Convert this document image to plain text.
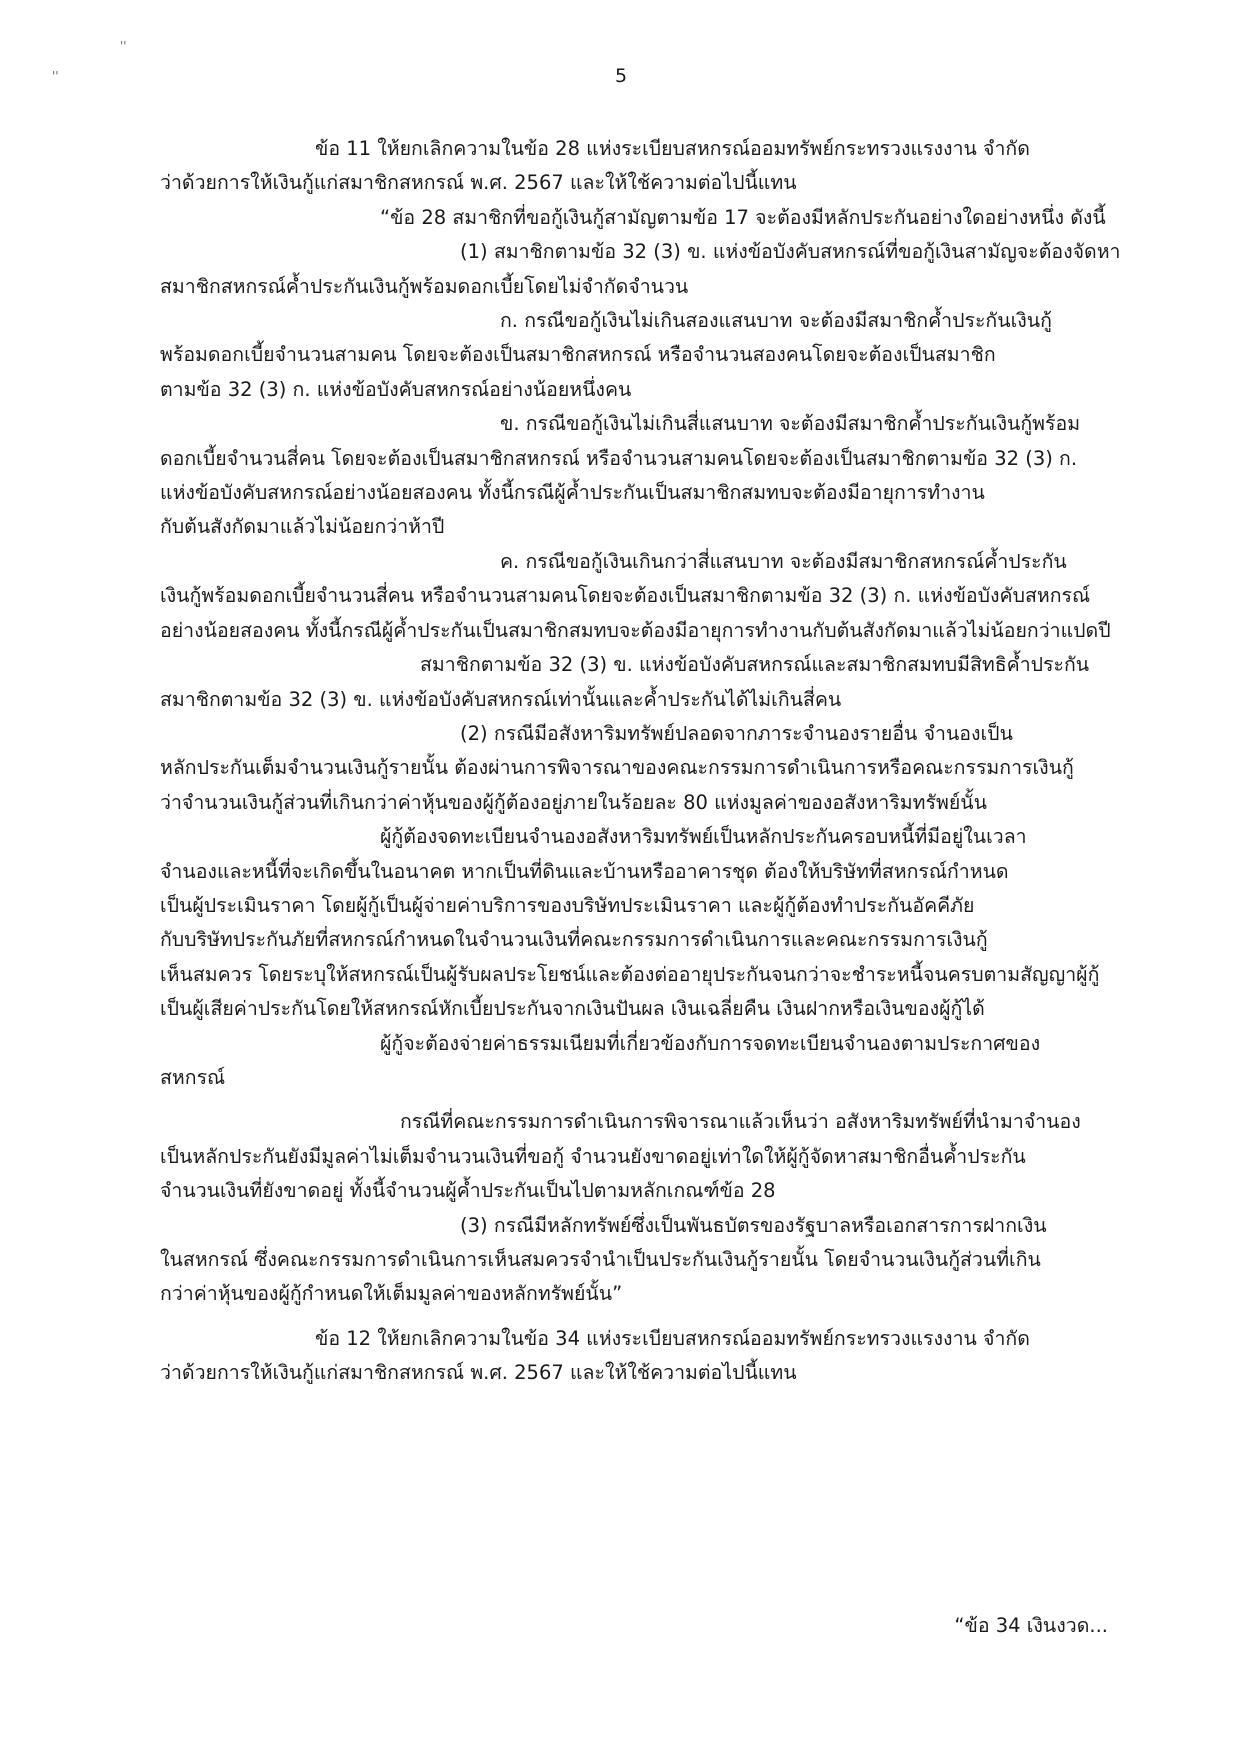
''
''	5
ข้อ 11 ให้ยกเลิกความในข้อ 28 แห่งระเบียบสหกรณ์ออมทรัพย์กระทรวงแรงงาน จำกัด
ว่าด้วยการให้เงินกู้แก่สมาชิกสหกรณ์ พ.ศ. 2567 และให้ใช้ความต่อไปนี้แทน
“ข้อ 28 สมาชิกที่ขอกู้เงินกู้สามัญตามข้อ 17 จะต้องมีหลักประกันอย่างใดอย่างหนึ่ง ดังนี้
(1) สมาชิกตามข้อ 32 (3) ข. แห่งข้อบังคับสหกรณ์ที่ขอกู้เงินสามัญจะต้องจัดหา
สมาชิกสหกรณ์ค้ำประกันเงินกู้พร้อมดอกเบี้ยโดยไม่จำกัดจำนวน
ก. กรณีขอกู้เงินไม่เกินสองแสนบาท จะต้องมีสมาชิกค้ำประกันเงินกู้
พร้อมดอกเบี้ยจำนวนสามคน โดยจะต้องเป็นสมาชิกสหกรณ์ หรือจำนวนสองคนโดยจะต้องเป็นสมาชิก
ตามข้อ 32 (3) ก. แห่งข้อบังคับสหกรณ์อย่างน้อยหนึ่งคน
ข. กรณีขอกู้เงินไม่เกินสี่แสนบาท จะต้องมีสมาชิกค้ำประกันเงินกู้พร้อม
ดอกเบี้ยจำนวนสี่คน โดยจะต้องเป็นสมาชิกสหกรณ์ หรือจำนวนสามคนโดยจะต้องเป็นสมาชิกตามข้อ 32 (3) ก.
แห่งข้อบังคับสหกรณ์อย่างน้อยสองคน ทั้งนี้กรณีผู้ค้ำประกันเป็นสมาชิกสมทบจะต้องมีอายุการทำงาน
กับต้นสังกัดมาแล้วไม่น้อยกว่าห้าปี
ค. กรณีขอกู้เงินเกินกว่าสี่แสนบาท จะต้องมีสมาชิกสหกรณ์ค้ำประกัน
เงินกู้พร้อมดอกเบี้ยจำนวนสี่คน หรือจำนวนสามคนโดยจะต้องเป็นสมาชิกตามข้อ 32 (3) ก. แห่งข้อบังคับสหกรณ์
อย่างน้อยสองคน ทั้งนี้กรณีผู้ค้ำประกันเป็นสมาชิกสมทบจะต้องมีอายุการทำงานกับต้นสังกัดมาแล้วไม่น้อยกว่าแปดปี
สมาชิกตามข้อ 32 (3) ข. แห่งข้อบังคับสหกรณ์และสมาชิกสมทบมีสิทธิค้ำประกัน
สมาชิกตามข้อ 32 (3) ข. แห่งข้อบังคับสหกรณ์เท่านั้นและค้ำประกันได้ไม่เกินสี่คน
(2) กรณีมีอสังหาริมทรัพย์ปลอดจากภาระจำนองรายอื่น จำนองเป็น
หลักประกันเต็มจำนวนเงินกู้รายนั้น ต้องผ่านการพิจารณาของคณะกรรมการดำเนินการหรือคณะกรรมการเงินกู้
ว่าจำนวนเงินกู้ส่วนที่เกินกว่าค่าหุ้นของผู้กู้ต้องอยู่ภายในร้อยละ 80 แห่งมูลค่าของอสังหาริมทรัพย์นั้น
ผู้กู้ต้องจดทะเบียนจำนองอสังหาริมทรัพย์เป็นหลักประกันครอบหนี้ที่มีอยู่ในเวลา
จำนองและหนี้ที่จะเกิดขึ้นในอนาคต หากเป็นที่ดินและบ้านหรืออาคารชุด ต้องให้บริษัทที่สหกรณ์กำหนด
เป็นผู้ประเมินราคา โดยผู้กู้เป็นผู้จ่ายค่าบริการของบริษัทประเมินราคา และผู้กู้ต้องทำประกันอัคคีภัย
กับบริษัทประกันภัยที่สหกรณ์กำหนดในจำนวนเงินที่คณะกรรมการดำเนินการและคณะกรรมการเงินกู้
เห็นสมควร โดยระบุให้สหกรณ์เป็นผู้รับผลประโยชน์และต้องต่ออายุประกันจนกว่าจะชำระหนี้จนครบตามสัญญาผู้กู้
เป็นผู้เสียค่าประกันโดยให้สหกรณ์หักเบี้ยประกันจากเงินปันผล เงินเฉลี่ยคืน เงินฝากหรือเงินของผู้กู้ได้
ผู้กู้จะต้องจ่ายค่าธรรมเนียมที่เกี่ยวข้องกับการจดทะเบียนจำนองตามประกาศของ
สหกรณ์
กรณีที่คณะกรรมการดำเนินการพิจารณาแล้วเห็นว่า อสังหาริมทรัพย์ที่นำมาจำนอง
เป็นหลักประกันยังมีมูลค่าไม่เต็มจำนวนเงินที่ขอกู้ จำนวนยังขาดอยู่เท่าใดให้ผู้กู้จัดหาสมาชิกอื่นค้ำประกัน
จำนวนเงินที่ยังขาดอยู่ ทั้งนี้จำนวนผู้ค้ำประกันเป็นไปตามหลักเกณฑ์ข้อ 28
(3) กรณีมีหลักทรัพย์ซึ่งเป็นพันธบัตรของรัฐบาลหรือเอกสารการฝากเงิน
ในสหกรณ์ ซึ่งคณะกรรมการดำเนินการเห็นสมควรจำนำเป็นประกันเงินกู้รายนั้น โดยจำนวนเงินกู้ส่วนที่เกิน
กว่าค่าหุ้นของผู้กู้กำหนดให้เต็มมูลค่าของหลักทรัพย์นั้น”
ข้อ 12 ให้ยกเลิกความในข้อ 34 แห่งระเบียบสหกรณ์ออมทรัพย์กระทรวงแรงงาน จำกัด
ว่าด้วยการให้เงินกู้แก่สมาชิกสหกรณ์ พ.ศ. 2567 และให้ใช้ความต่อไปนี้แทน
“ข้อ 34 เงินงวด...
